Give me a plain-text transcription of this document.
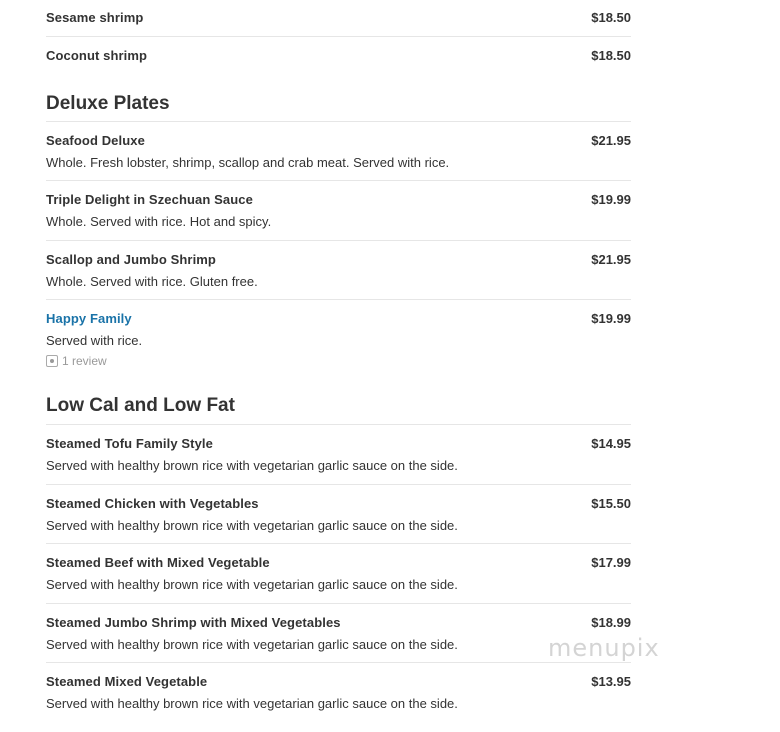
Sesame shrimp	$18.50
Coconut shrimp	$18.50
Deluxe Plates
Seafood Deluxe	$21.95
Whole. Fresh lobster, shrimp, scallop and crab meat. Served with rice.
Triple Delight in Szechuan Sauce	$19.99
Whole. Served with rice. Hot and spicy.
Scallop and Jumbo Shrimp	$21.95
Whole. Served with rice. Gluten free.
Happy Family	$19.99
Served with rice.
1 review
Low Cal and Low Fat
Steamed Tofu Family Style	$14.95
Served with healthy brown rice with vegetarian garlic sauce on the side.
Steamed Chicken with Vegetables	$15.50
Served with healthy brown rice with vegetarian garlic sauce on the side.
Steamed Beef with Mixed Vegetable	$17.99
Served with healthy brown rice with vegetarian garlic sauce on the side.
Steamed Jumbo Shrimp with Mixed Vegetables	$18.99
Served with healthy brown rice with vegetarian garlic sauce on the side.
Steamed Mixed Vegetable	$13.95
Served with healthy brown rice with vegetarian garlic sauce on the side.
menupix
